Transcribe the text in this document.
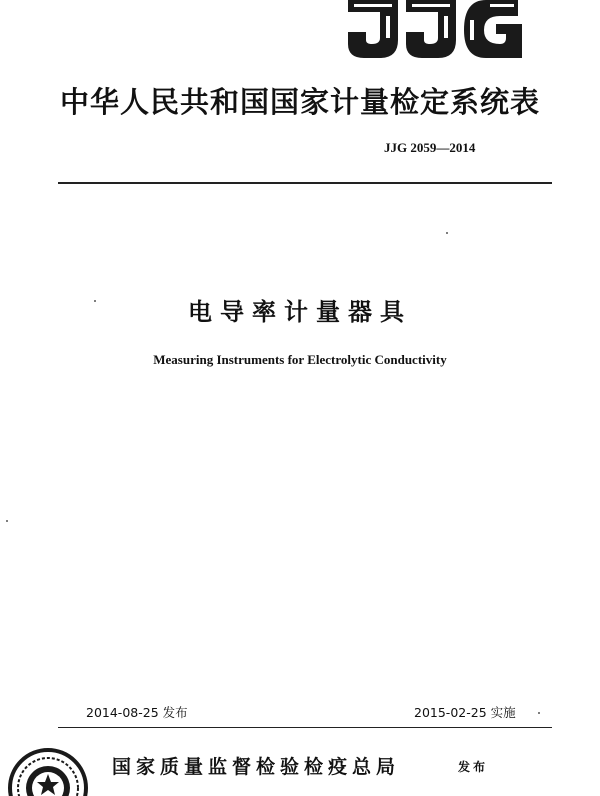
中华人民共和国国家计量检定系统表
JJG 2059—2014
电导率计量器具
Measuring Instruments for Electrolytic Conductivity
2014-08-25 发布	2015-02-25 实施
国家质量监督检验检疫总局	发布
